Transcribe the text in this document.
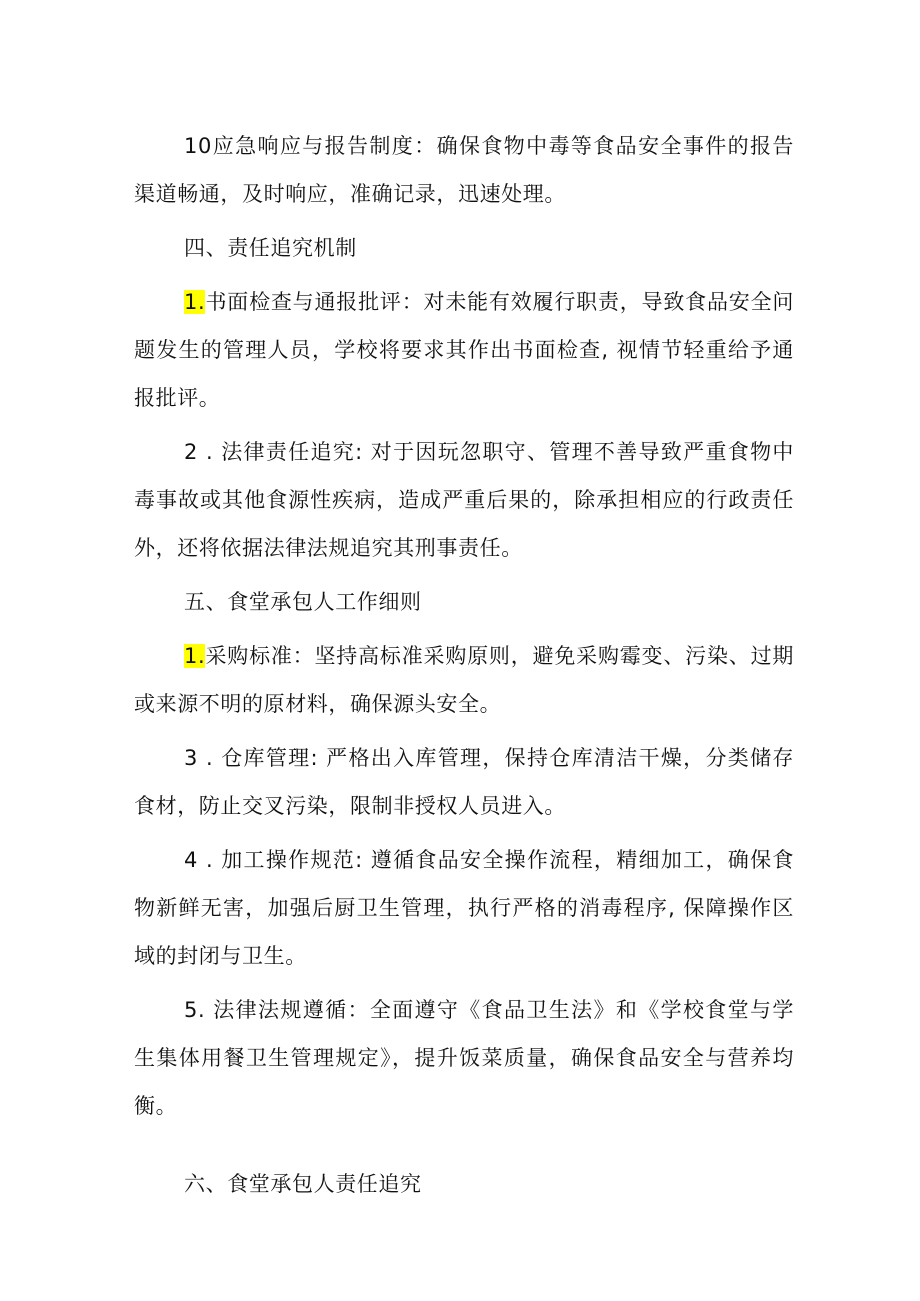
10应急响应与报告制度：确保食物中毒等食品安全事件的报告渠道畅通，及时响应，准确记录，迅速处理。

四、责任追究机制

1.书面检查与通报批评：对未能有效履行职责，导致食品安全问题发生的管理人员，学校将要求其作出书面检查, 视情节轻重给予通报批评。

2 . 法律责任追究: 对于因玩忽职守、管理不善导致严重食物中毒事故或其他食源性疾病，造成严重后果的，除承担相应的行政责任外，还将依据法律法规追究其刑事责任。

五、食堂承包人工作细则

1.采购标准：坚持高标准采购原则，避免采购霉变、污染、过期或来源不明的原材料，确保源头安全。

3 . 仓库管理: 严格出入库管理，保持仓库清洁干燥，分类储存食材，防止交叉污染，限制非授权人员进入。

4 . 加工操作规范: 遵循食品安全操作流程，精细加工，确保食物新鲜无害，加强后厨卫生管理，执行严格的消毒程序, 保障操作区域的封闭与卫生。

5. 法律法规遵循：全面遵守《食品卫生法》和《学校食堂与学生集体用餐卫生管理规定》，提升饭菜质量，确保食品安全与营养均衡。

六、食堂承包人责任追究
